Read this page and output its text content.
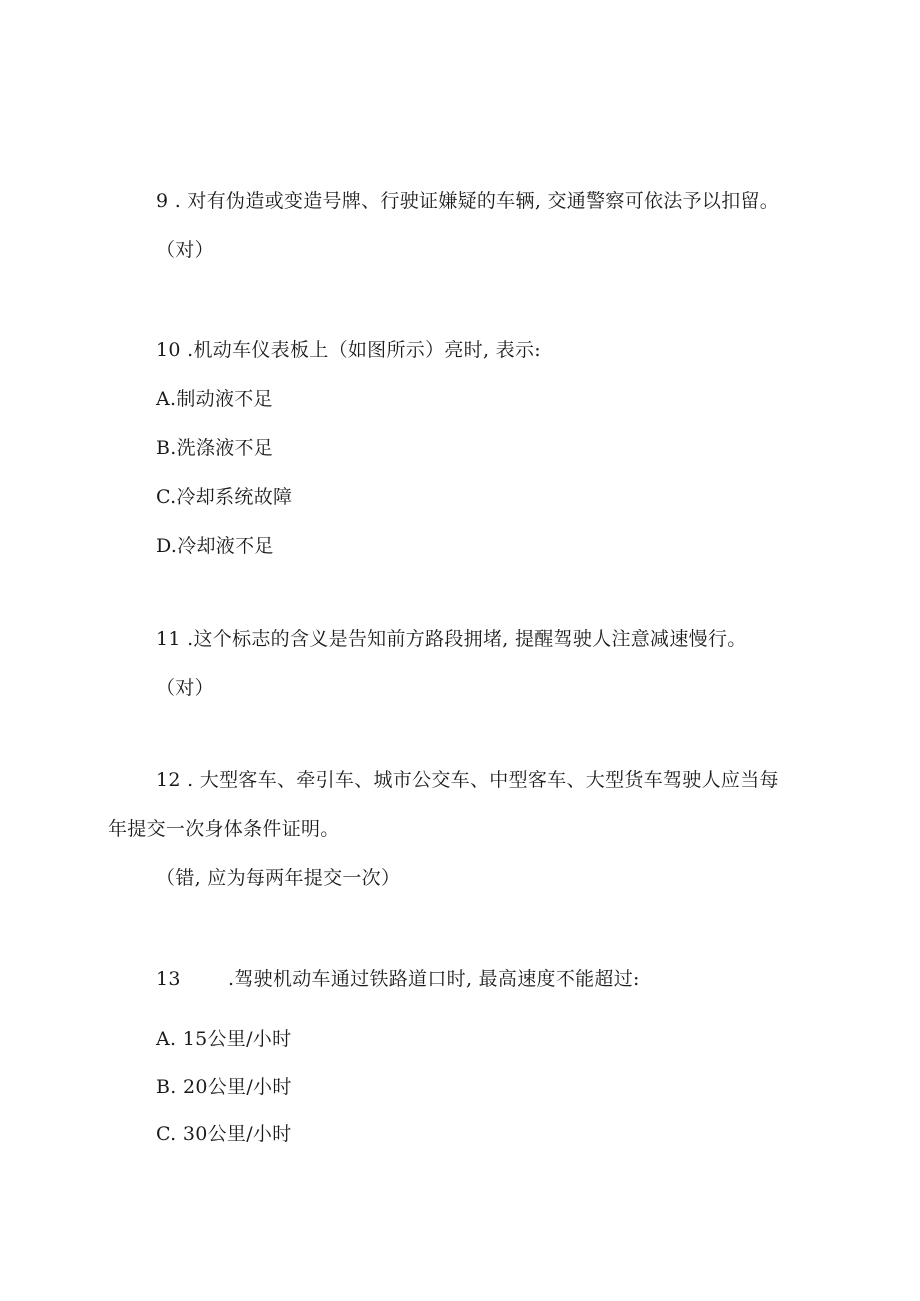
9 . 对有伪造或变造号牌、行驶证嫌疑的车辆, 交通警察可依法予以扣留。
（对）
10 .机动车仪表板上（如图所示）亮时, 表示:
A.制动液不足
B.洗涤液不足
C.冷却系统故障
D.冷却液不足
11 .这个标志的含义是告知前方路段拥堵, 提醒驾驶人注意减速慢行。
（对）
12 . 大型客车、牵引车、城市公交车、中型客车、大型货车驾驶人应当每
年提交一次身体条件证明。
（错, 应为每两年提交一次）
13 .驾驶机动车通过铁路道口时, 最高速度不能超过:
A. 15公里/小时
B. 20公里/小时
C. 30公里/小时
